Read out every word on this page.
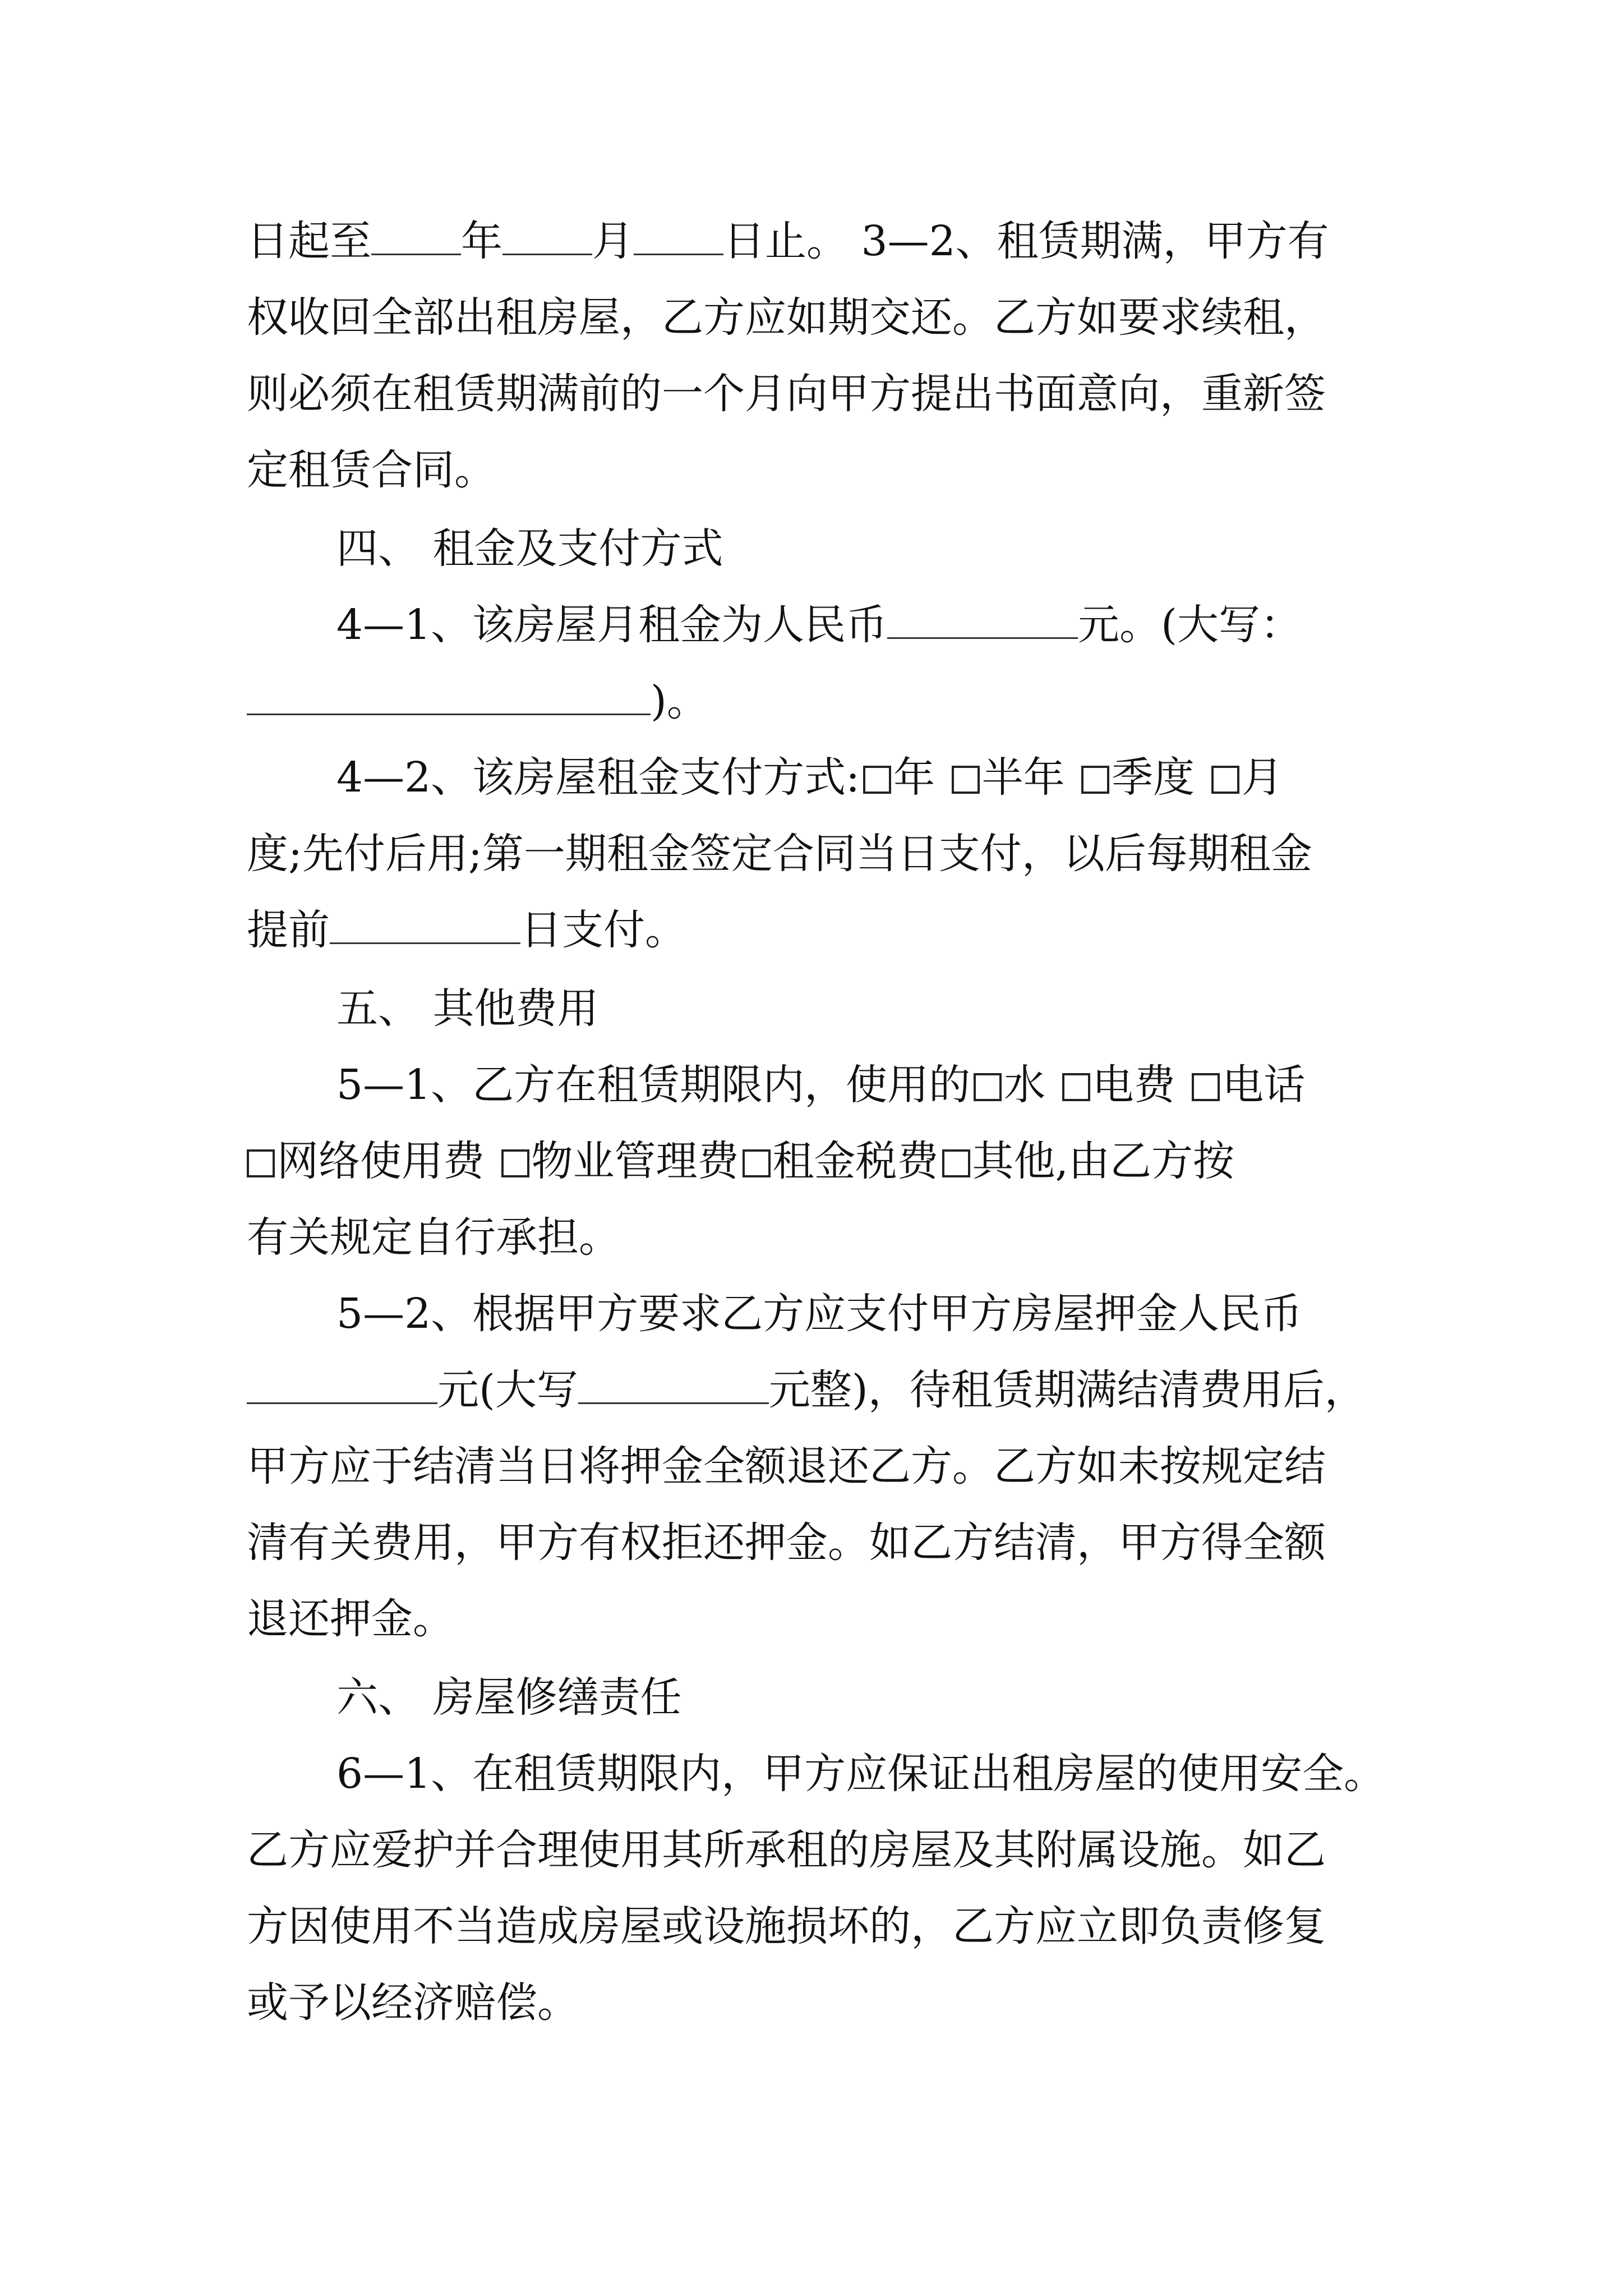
日起至 年 月 日止。 3—2、租赁期满，甲方有
权收回全部出租房屋，乙方应如期交还。乙方如要求续租，
则必须在租赁期满前的一个月向甲方提出书面意向，重新签
定租赁合同。
四、 租金及支付方式
4—1、该房屋月租金为人民币	元。(大写：
)。
4—2、该房屋租金支付方式: 年 半年 季度 月
度;先付后用;第一期租金签定合同当日支付，以后每期租金
提前	日支付。
五、 其他费用
5—1、乙方在租赁期限内，使用的 水 电费 电话
网络使用费 物业管理费 租金税费 其他,由乙方按
有关规定自行承担。
5—2、根据甲方要求乙方应支付甲方房屋押金人民币
元(大写	元整)，待租赁期满结清费用后，
甲方应于结清当日将押金全额退还乙方。乙方如未按规定结
清有关费用，甲方有权拒还押金。如乙方结清，甲方得全额
退还押金。
六、 房屋修缮责任
6—1、在租赁期限内，甲方应保证出租房屋的使用安全。
乙方应爱护并合理使用其所承租的房屋及其附属设施。如乙
方因使用不当造成房屋或设施损坏的，乙方应立即负责修复
或予以经济赔偿。
